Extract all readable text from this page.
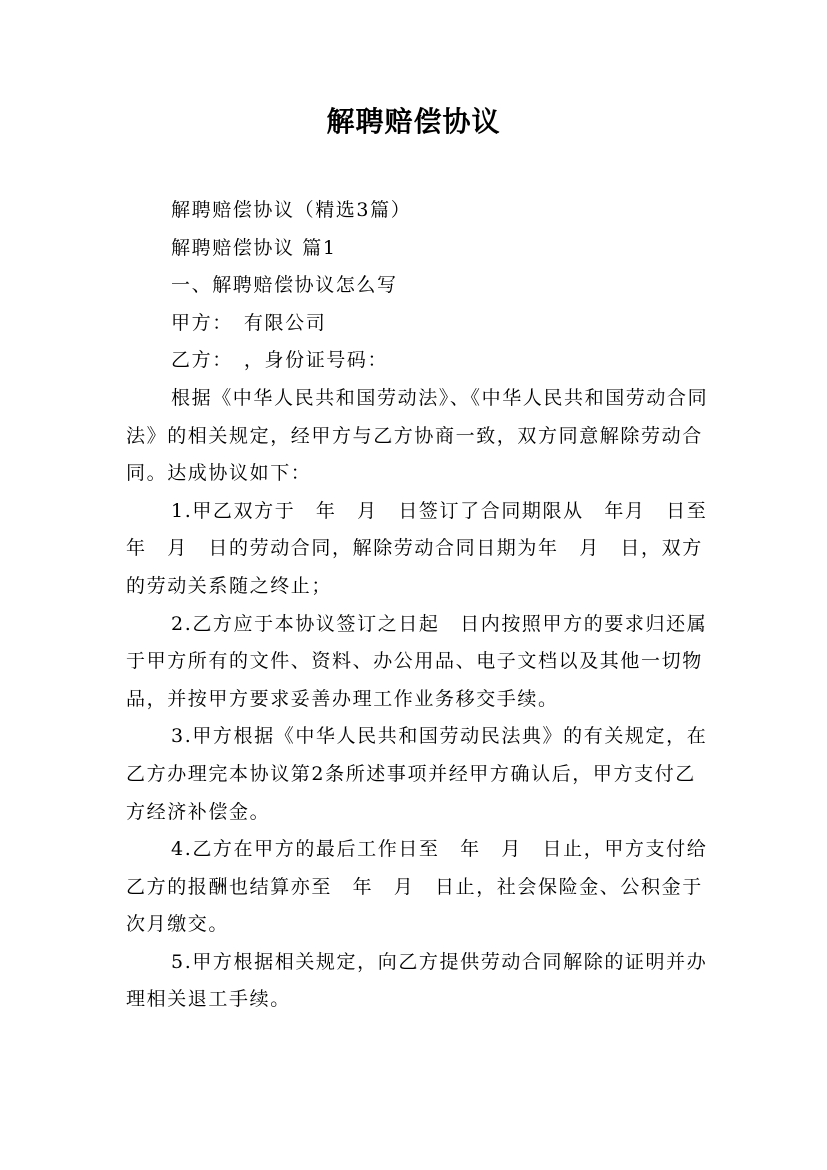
解聘赔偿协议

解聘赔偿协议（精选3篇）

解聘赔偿协议 篇1

一、解聘赔偿协议怎么写

甲方：　有限公司

乙方：　，身份证号码：

根据《中华人民共和国劳动法》、《中华人民共和国劳动合同法》的相关规定，经甲方与乙方协商一致，双方同意解除劳动合同。达成协议如下：

1.甲乙双方于　年　月　日签订了合同期限从　年月　日至　年　月　日的劳动合同，解除劳动合同日期为年　月　日，双方的劳动关系随之终止；

2.乙方应于本协议签订之日起　日内按照甲方的要求归还属于甲方所有的文件、资料、办公用品、电子文档以及其他一切物品，并按甲方要求妥善办理工作业务移交手续。

3.甲方根据《中华人民共和国劳动民法典》的有关规定，在乙方办理完本协议第2条所述事项并经甲方确认后，甲方支付乙方经济补偿金。

4.乙方在甲方的最后工作日至　年　月　日止，甲方支付给乙方的报酬也结算亦至　年　月　日止，社会保险金、公积金于次月缴交。

5.甲方根据相关规定，向乙方提供劳动合同解除的证明并办理相关退工手续。
